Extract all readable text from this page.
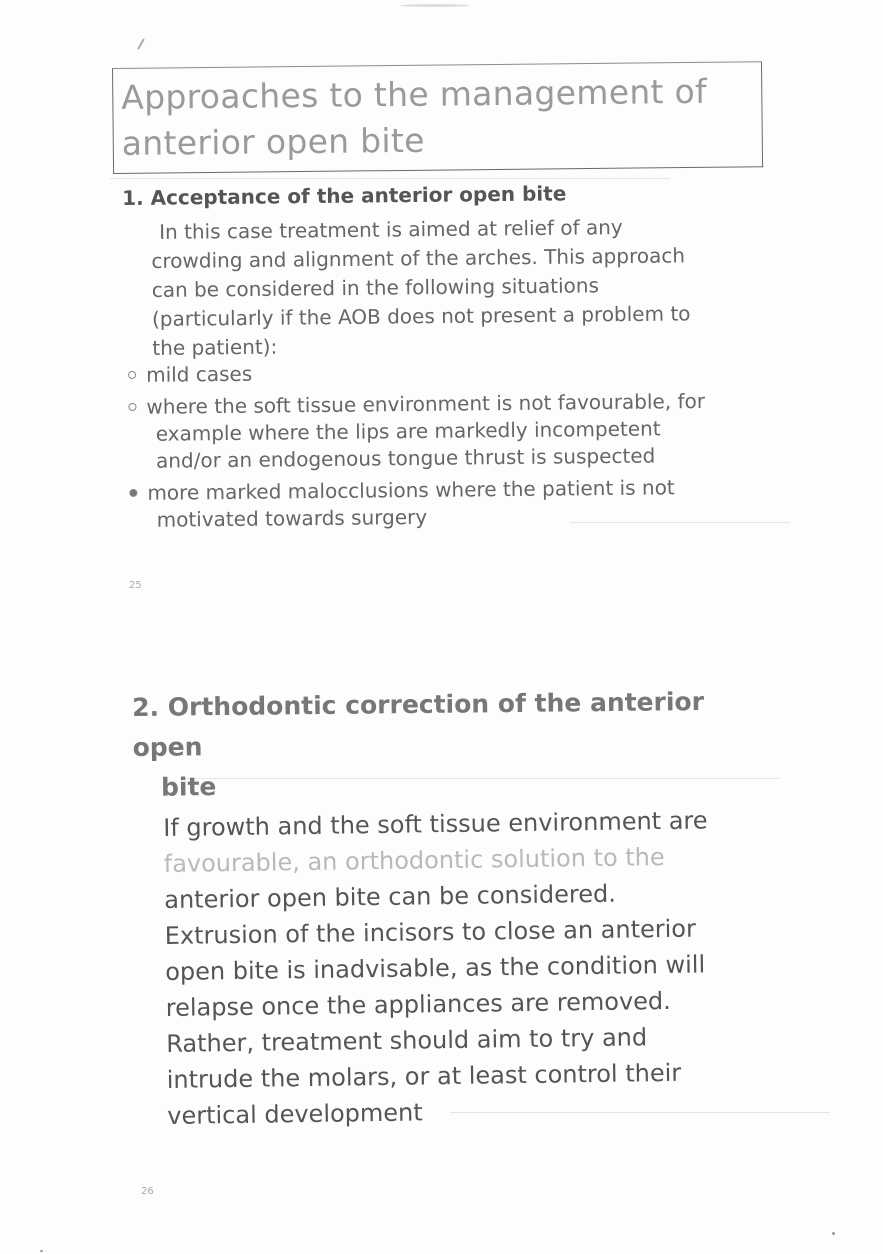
Approaches to the management of
anterior open bite
1. Acceptance of the anterior open bite
In this case treatment is aimed at relief of any
crowding and alignment of the arches. This approach
can be considered in the following situations
(particularly if the AOB does not present a problem to
the patient):
mild cases
where the soft tissue environment is not favourable, for
example where the lips are markedly incompetent
and/or an endogenous tongue thrust is suspected
more marked malocclusions where the patient is not
motivated towards surgery
25
2. Orthodontic correction of the anterior open
bite
If growth and the soft tissue environment are
favourable, an orthodontic solution to the
anterior open bite can be considered.
Extrusion of the incisors to close an anterior
open bite is inadvisable, as the condition will
relapse once the appliances are removed.
Rather, treatment should aim to try and
intrude the molars, or at least control their
vertical development
26
